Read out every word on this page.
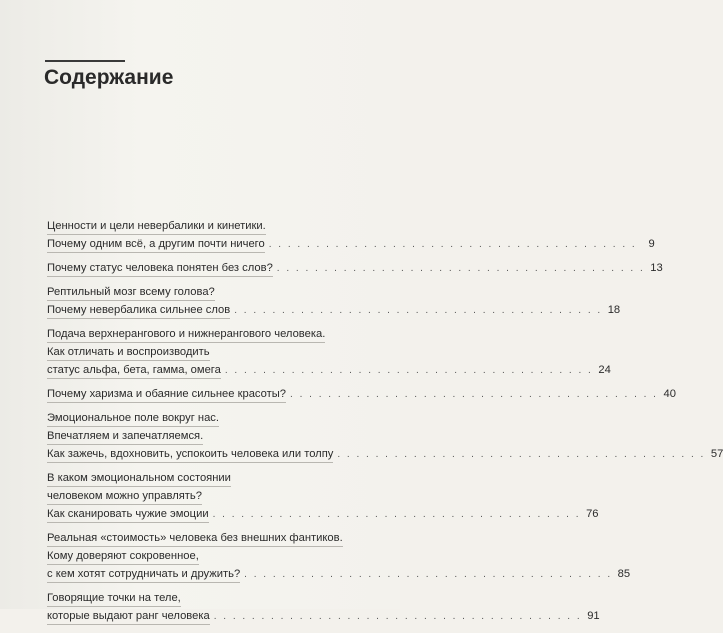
Содержание
Ценности и цели невербалики и кинетики.
Почему одним всё, а другим почти ничего . . . . . . . . . . . . . . . . . . . . . . . . . . . . . . . . . . . . . . .	9
Почему статус человека понятен без слов? . . . . . . . . . . . . . . . . . . . . . . . . . . . . . . . . . . . . . . . 13
Рептильный мозг всему голова?
Почему невербалика сильнее слов . . . . . . . . . . . . . . . . . . . . . . . . . . . . . . . . . . . . . . . 18
Подача верхнерангового и нижнерангового человека.
Как отличать и воспроизводить
статус альфа, бета, гамма, омега . . . . . . . . . . . . . . . . . . . . . . . . . . . . . . . . . . . . . . . 24
Почему харизма и обаяние сильнее красоты? . . . . . . . . . . . . . . . . . . . . . . . . . . . . . . . . . . . . . . . 40
Эмоциональное поле вокруг нас.
Впечатляем и запечатляемся.
Как зажечь, вдохновить, успокоить человека или толпу . . . . . . . . . . . . . . . . . . . . . . . . . . . . . . . . . . . . . . . 57
В каком эмоциональном состоянии
человеком можно управлять?
Как сканировать чужие эмоции . . . . . . . . . . . . . . . . . . . . . . . . . . . . . . . . . . . . . . . 76
Реальная «стоимость» человека без внешних фантиков.
Кому доверяют сокровенное,
с кем хотят сотрудничать и дружить? . . . . . . . . . . . . . . . . . . . . . . . . . . . . . . . . . . . . . . . 85
Говорящие точки на теле,
которые выдают ранг человека . . . . . . . . . . . . . . . . . . . . . . . . . . . . . . . . . . . . . . . 91
